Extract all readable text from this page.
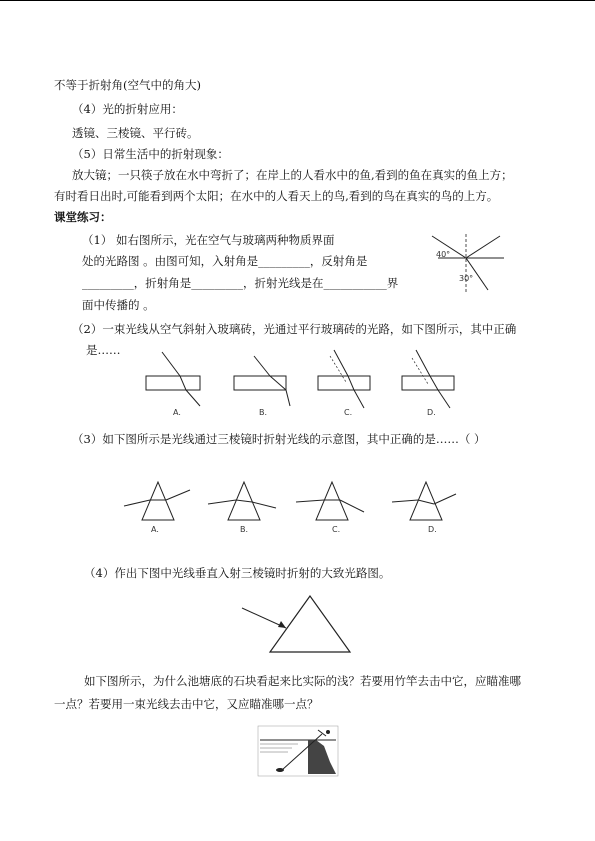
不等于折射角(空气中的角大)
（4）光的折射应用：
透镜、三棱镜、平行砖。
（5）日常生活中的折射现象：
放大镜；一只筷子放在水中弯折了；在岸上的人看水中的鱼,看到的鱼在真实的鱼上方；
有时看日出时,可能看到两个太阳；在水中的人看天上的鸟,看到的鸟在真实的鸟的上方。
课堂练习：
（1） 如右图所示，光在空气与玻璃两种物质界面
处的光路图 。由图可知，入射角是_________，反射角是
_________，折射角是_________，折射光线是在___________界
面中传播的 。
40°
30°
（2）一束光线从空气斜射入玻璃砖，光通过平行玻璃砖的光路，如下图所示，其中正确
是……
A.	B.	C.	D.
（3）如下图所示是光线通过三棱镜时折射光线的示意图，其中正确的是……（ ）
A.	B.	C.	D.
（4）作出下图中光线垂直入射三棱镜时折射的大致光路图。
如下图所示，为什么池塘底的石块看起来比实际的浅？若要用竹竿去击中它，应瞄准哪
一点？若要用一束光线去击中它，又应瞄准哪一点？
